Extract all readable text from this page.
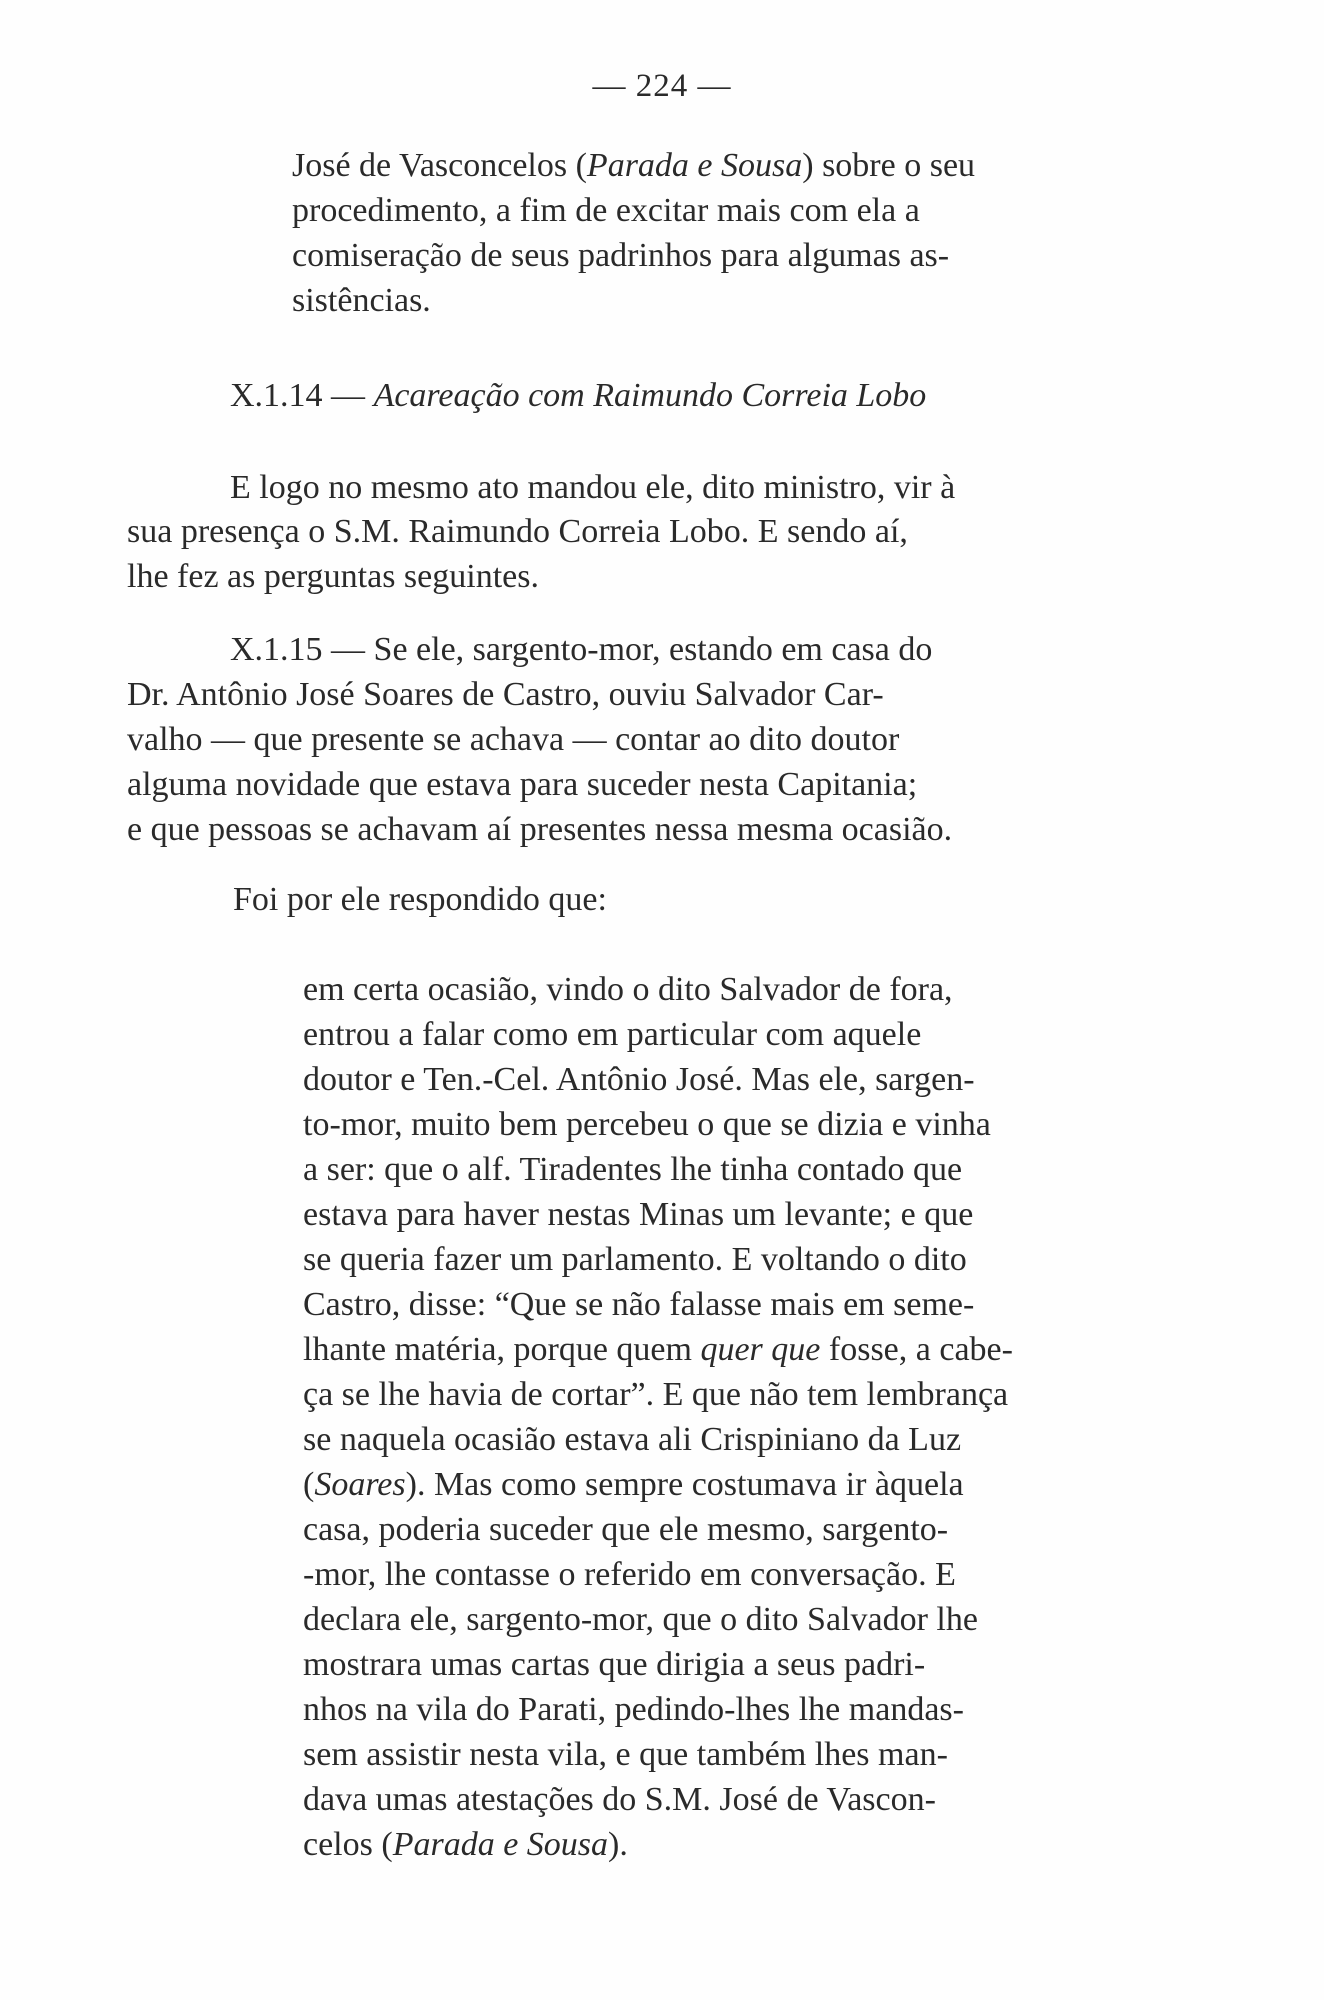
— 224 —
José de Vasconcelos (Parada e Sousa) sobre o seu
procedimento, a fim de excitar mais com ela a
comiseração de seus padrinhos para algumas as-
sistências.
X.1.14 — Acareação com Raimundo Correia Lobo
E logo no mesmo ato mandou ele, dito ministro, vir à
sua presença o S.M. Raimundo Correia Lobo. E sendo aí,
lhe fez as perguntas seguintes.
X.1.15 — Se ele, sargento-mor, estando em casa do
Dr. Antônio José Soares de Castro, ouviu Salvador Car-
valho — que presente se achava — contar ao dito doutor
alguma novidade que estava para suceder nesta Capitania;
e que pessoas se achavam aí presentes nessa mesma ocasião.
Foi por ele respondido que:
em certa ocasião, vindo o dito Salvador de fora,
entrou a falar como em particular com aquele
doutor e Ten.-Cel. Antônio José. Mas ele, sargen-
to-mor, muito bem percebeu o que se dizia e vinha
a ser: que o alf. Tiradentes lhe tinha contado que
estava para haver nestas Minas um levante; e que
se queria fazer um parlamento. E voltando o dito
Castro, disse: “Que se não falasse mais em seme-
lhante matéria, porque quem quer que fosse, a cabe-
ça se lhe havia de cortar”. E que não tem lembrança
se naquela ocasião estava ali Crispiniano da Luz
(Soares). Mas como sempre costumava ir àquela
casa, poderia suceder que ele mesmo, sargento-
-mor, lhe contasse o referido em conversação. E
declara ele, sargento-mor, que o dito Salvador lhe
mostrara umas cartas que dirigia a seus padri-
nhos na vila do Parati, pedindo-lhes lhe mandas-
sem assistir nesta vila, e que também lhes man-
dava umas atestações do S.M. José de Vascon-
celos (Parada e Sousa).
